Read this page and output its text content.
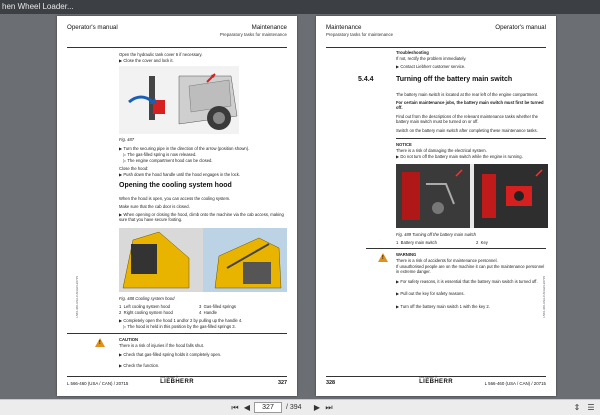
hen Wheel Loader...
Operator's manual	Maintenance
Preparatory tasks for maintenance
Open the hydraulic tank cover 6 if necessary.
▶ Close the cover and lock it.
Fig. 487
▶ Turn the securing pipe in the direction of the arrow (position shown).
▷ The gas-filled spring is now released.
▷ The engine compartment hood can be closed.
Close the hood:
▶ Push down the hood handle until the hood engages in the lock.
Opening the cooling system hood
When the hood is open, you can access the cooling system.
Make sure that the cab door is closed.
▶ When opening or closing the hood, climb onto the machine via the cab access, making sure that you have secure footing.
Fig. 488 Cooling system hood
1 Left cooling system hood
2 Right cooling system hood
3 Gas-filled springs
4 Handle
▶ Completely open the hood 1 and/or 2 by pulling up the handle 4.
▷ The hood is held in this position by the gas-filled springs 3.
!
CAUTION
There is a risk of injuries if the hood falls shut.
▶ Check that gas-filled spring holds it completely open.
▶ Check the function.
L566-460-USA-CAN-EN-20715
L 566-460 (USA / CAN) / 20715
COPYRIGHT ©
LIEBHERR	327
Maintenance	Operator's manual
Preparatory tasks for maintenance
Troubleshooting
If not, rectify the problem immediately.
▶ Contact Liebherr customer service.
5.4.4	Turning off the battery main switch
The battery main switch is located at the rear left of the engine compartment.
For certain maintenance jobs, the battery main switch must first be turned off.
Find out from the descriptions of the relevant maintenance tasks whether the battery main switch must be turned on or off.
Switch on the battery main switch after completing these maintenance tasks.
NOTICE
There is a risk of damaging the electrical system.
▶ Do not turn off the battery main switch while the engine is running.
Fig. 489 Turning off the battery main switch
1 Battery main switch	2 Key
!
WARNING
There is a risk of accidents for maintenance personnel.
If unauthorised people are on the machine it can put the maintenance personnel in extreme danger.
▶ For safety reasons, it is essential that the battery main switch is turned off.
▶ Pull out the key for safety reasons.
▶ Turn off the battery main switch 1 with the key 2.	L566-460-USA-CAN-EN-20715
328
COPYRIGHT ©
LIEBHERR	L 566-460 (USA / CAN) / 20715
⏮ ◀
327	/ 394 ▶ ⏭	⇕ ☰
